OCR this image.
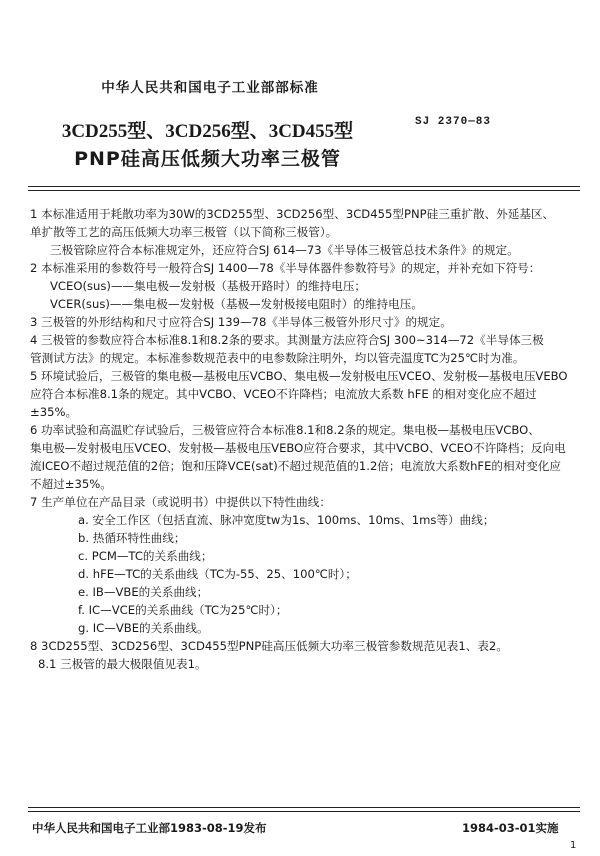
中华人民共和国电子工业部部标准
3CD255型、3CD256型、3CD455型
PNP硅高压低频大功率三极管
SJ 2370—83
1 本标准适用于耗散功率为30W的3CD255型、3CD256型、3CD455型PNP硅三重扩散、外延基区、
单扩散等工艺的高压低频大功率三极管（以下简称三极管）。
三极管除应符合本标准规定外，还应符合SJ 614—73《半导体三极管总技术条件》的规定。
2 本标准采用的参数符号一般符合SJ 1400—78《半导体器件参数符号》的规定，并补充如下符号：
VCEO(sus)——集电极—发射极（基极开路时）的维持电压；
VCER(sus)——集电极—发射极（基极—发射极接电阻时）的维持电压。
3 三极管的外形结构和尺寸应符合SJ 139—78《半导体三极管外形尺寸》的规定。
4 三极管的参数应符合本标准8.1和8.2条的要求。其测量方法应符合SJ 300~314—72《半导体三极
管测试方法》的规定。本标准参数规范表中的电参数除注明外，均以管壳温度TC为25℃时为准。
5 环境试验后，三极管的集电极—基极电压VCBO、集电极—发射极电压VCEO、发射极—基极电压VEBO
应符合本标准8.1条的规定。其中VCBO、VCEO不许降档；电流放大系数 hFE 的相对变化应不超过
±35%。
6 功率试验和高温贮存试验后，三极管应符合本标准8.1和8.2条的规定。集电极—基极电压VCBO、
集电极—发射极电压VCEO、发射极—基极电压VEBO应符合要求，其中VCBO、VCEO不许降档；反向电
流ICEO不超过规范值的2倍；饱和压降VCE(sat)不超过规范值的1.2倍；电流放大系数hFE的相对变化应
不超过±35%。
7 生产单位在产品目录（或说明书）中提供以下特性曲线：
a. 安全工作区（包括直流、脉冲宽度tw为1s、100ms、10ms、1ms等）曲线；
b. 热循环特性曲线；
c. PCM—TC的关系曲线；
d. hFE—TC的关系曲线（TC为-55、25、100℃时）；
e. IB—VBE的关系曲线；
f. IC—VCE的关系曲线（TC为25℃时）；
g. IC—VBE的关系曲线。
8 3CD255型、3CD256型、3CD455型PNP硅高压低频大功率三极管参数规范见表1、表2。
8.1 三极管的最大极限值见表1。
中华人民共和国电子工业部1983-08-19发布	1984-03-01实施
1
